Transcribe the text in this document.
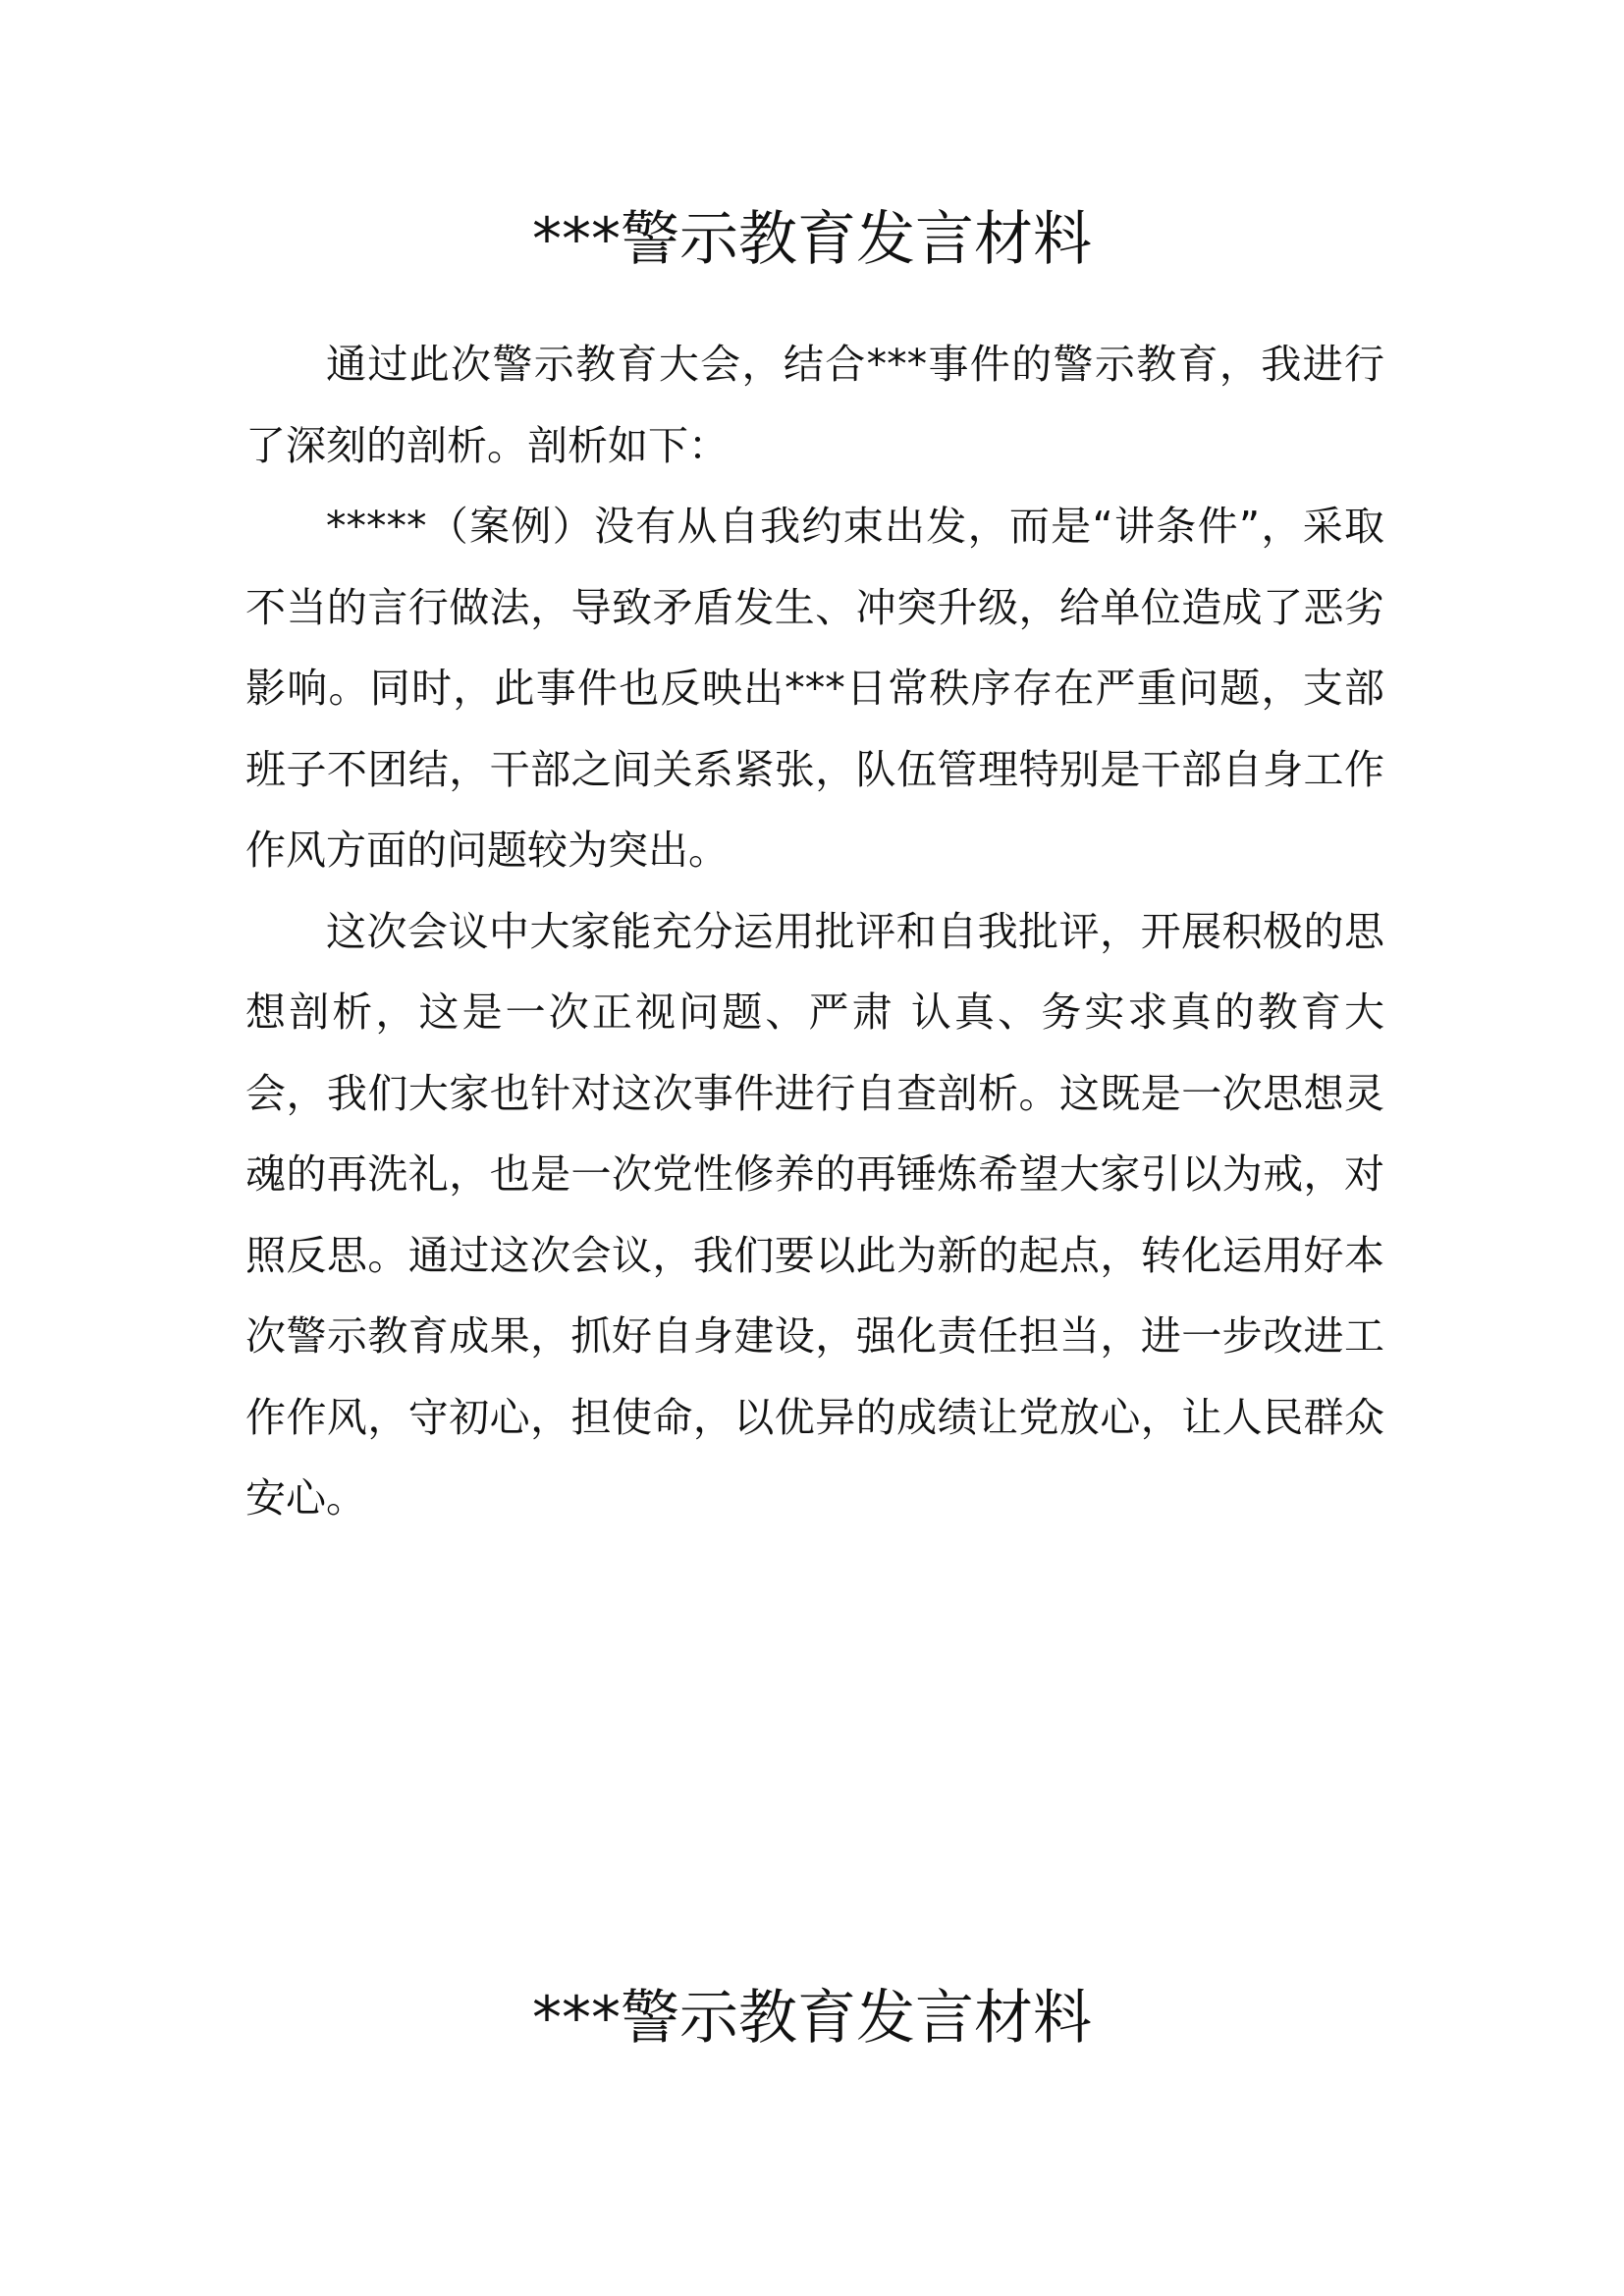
***警示教育发言材料

通过此次警示教育大会，结合***事件的警示教育，我进行了深刻的剖析。剖析如下：

*****（案例）没有从自我约束出发，而是“讲条件”，采取不当的言行做法，导致矛盾发生、冲突升级，给单位造成了恶劣影响。同时，此事件也反映出***日常秩序存在严重问题，支部班子不团结，干部之间关系紧张，队伍管理特别是干部自身工作作风方面的问题较为突出。

这次会议中大家能充分运用批评和自我批评，开展积极的思想剖析，这是一次正视问题、严肃 认真、务实求真的教育大会，我们大家也针对这次事件进行自查剖析。这既是一次思想灵魂的再洗礼，也是一次党性修养的再锤炼希望大家引以为戒，对照反思。通过这次会议，我们要以此为新的起点，转化运用好本次警示教育成果，抓好自身建设，强化责任担当，进一步改进工作作风，守初心，担使命，以优异的成绩让党放心，让人民群众安心。

***警示教育发言材料
